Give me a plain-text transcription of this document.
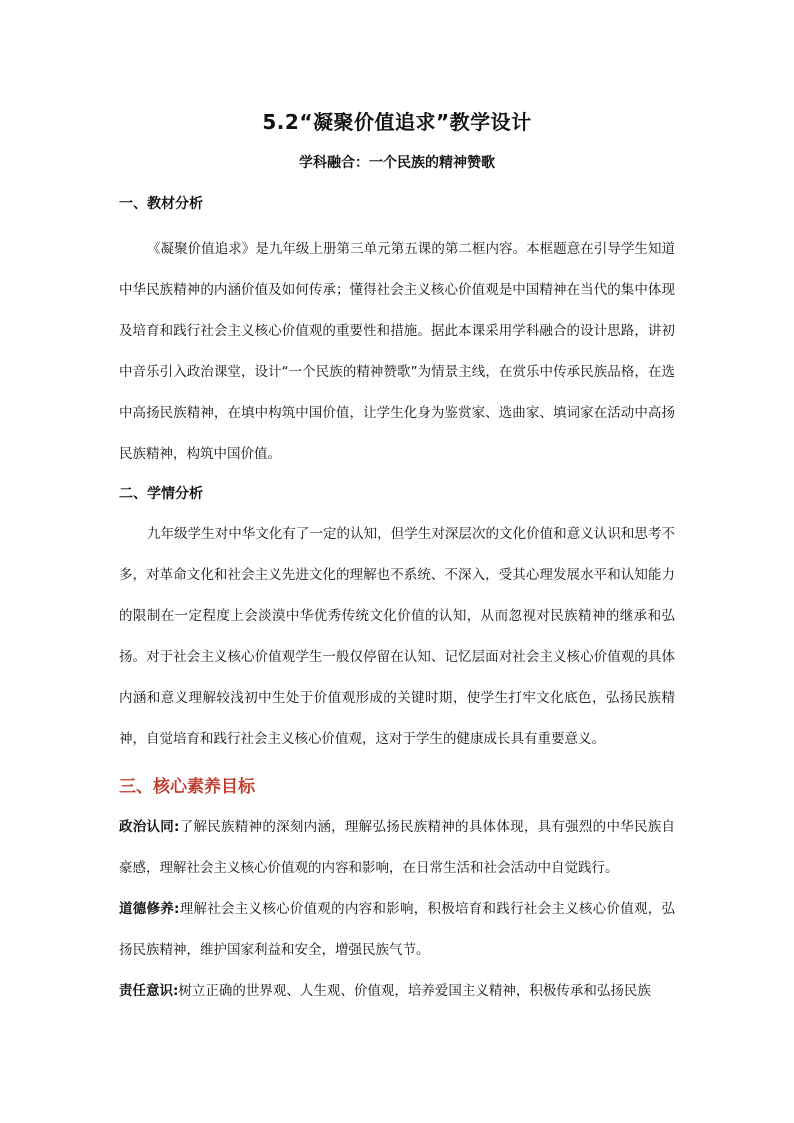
5.2“凝聚价值追求”教学设计
学科融合：一个民族的精神赞歌
一、教材分析

《凝聚价值追求》是九年级上册第三单元第五课的第二框内容。本框题意在引导学生知道中华民族精神的内涵价值及如何传承；懂得社会主义核心价值观是中国精神在当代的集中体现及培育和践行社会主义核心价值观的重要性和措施。据此本课采用学科融合的设计思路，讲初中音乐引入政治课堂，设计“一个民族的精神赞歌”为情景主线，在赏乐中传承民族品格，在选中高扬民族精神，在填中构筑中国价值，让学生化身为鉴赏家、选曲家、填词家在活动中高扬民族精神，构筑中国价值。

二、学情分析

九年级学生对中华文化有了一定的认知，但学生对深层次的文化价值和意义认识和思考不多，对革命文化和社会主义先进文化的理解也不系统、不深入，受其心理发展水平和认知能力的限制在一定程度上会淡漠中华优秀传统文化价值的认知，从而忽视对民族精神的继承和弘扬。对于社会主义核心价值观学生一般仅停留在认知、记忆层面对社会主义核心价值观的具体内涵和意义理解较浅初中生处于价值观形成的关键时期，使学生打牢文化底色，弘扬民族精神，自觉培育和践行社会主义核心价值观，这对于学生的健康成长具有重要意义。

三、核心素养目标

政治认同:了解民族精神的深刻内涵，理解弘扬民族精神的具体体现，具有强烈的中华民族自豪感，理解社会主义核心价值观的内容和影响，在日常生活和社会活动中自觉践行。

道德修养:理解社会主义核心价值观的内容和影响，积极培育和践行社会主义核心价值观，弘扬民族精神，维护国家利益和安全，增强民族气节。

责任意识:树立正确的世界观、人生观、价值观，培养爱国主义精神，积极传承和弘扬民族
